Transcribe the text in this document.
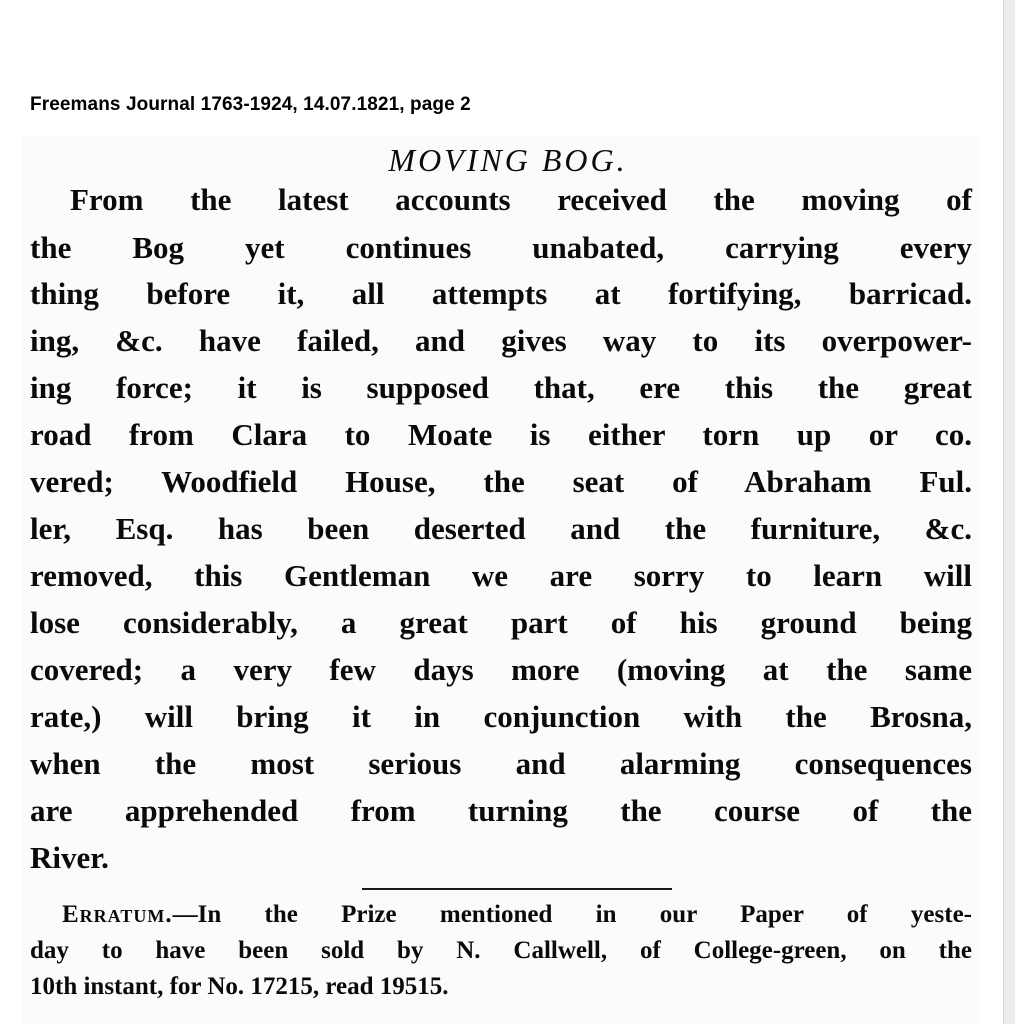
Freemans Journal 1763-1924, 14.07.1821, page 2
MOVING BOG.
From the latest accounts received the moving of
the Bog yet continues unabated, carrying every
thing before it, all attempts at fortifying, barricad.
ing, &c. have failed, and gives way to its overpower-
ing force; it is supposed that, ere this the great
road from Clara to Moate is either torn up or co.
vered; Woodfield House, the seat of Abraham Ful.
ler, Esq. has been deserted and the furniture, &c.
removed, this Gentleman we are sorry to learn will
lose considerably, a great part of his ground being
covered; a very few days more (moving at the same
rate,) will bring it in conjunction with the Brosna,
when the most serious and alarming consequences
are apprehended from turning the course of the
River.
Erratum.—In the Prize mentioned in our Paper of yeste-
day to have been sold by N. Callwell, of College-green, on the
10th instant, for No. 17215, read 19515.
